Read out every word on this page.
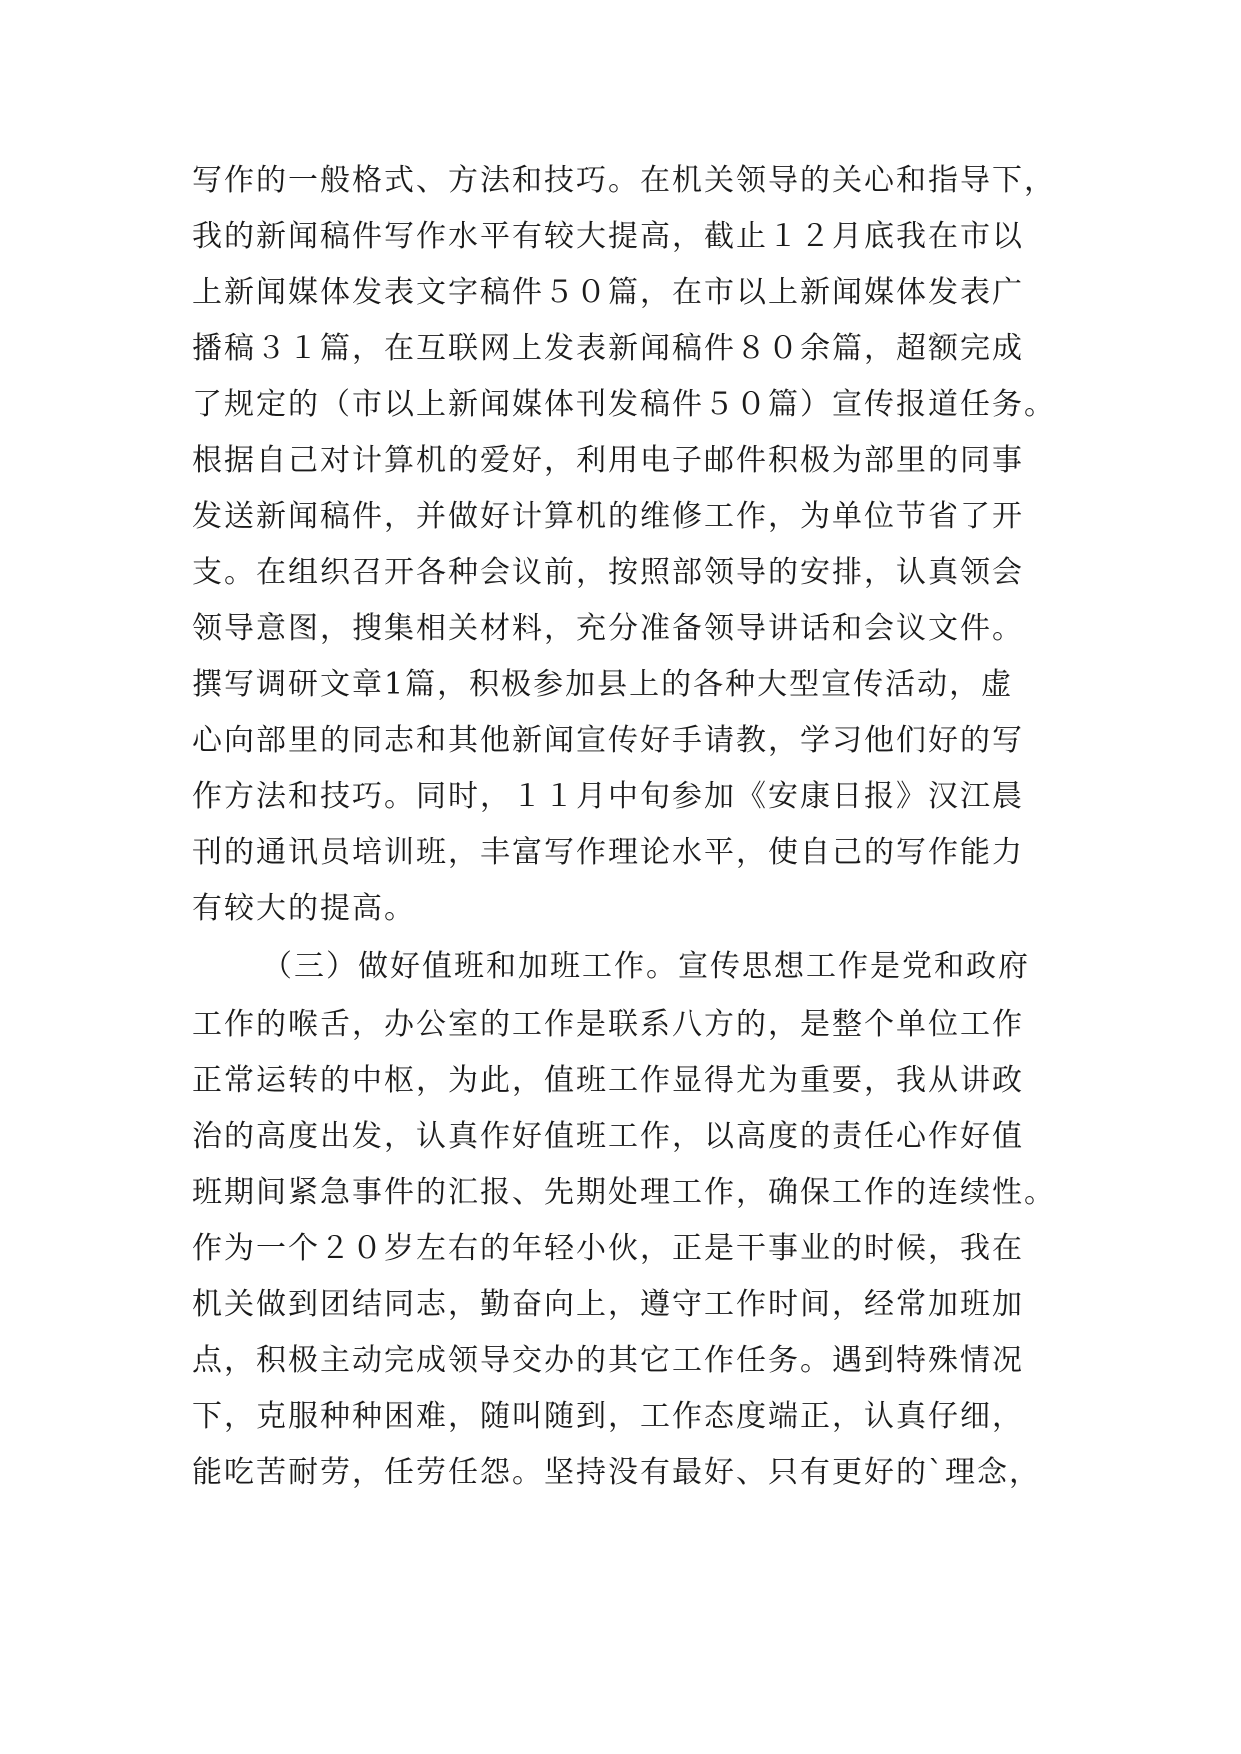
写作的一般格式、方法和技巧。在机关领导的关心和指导下，
我的新闻稿件写作水平有较大提高，截止１２月底我在市以
上新闻媒体发表文字稿件５０篇，在市以上新闻媒体发表广
播稿３１篇，在互联网上发表新闻稿件８０余篇，超额完成
了规定的（市以上新闻媒体刊发稿件５０篇）宣传报道任务。
根据自己对计算机的爱好，利用电子邮件积极为部里的同事
发送新闻稿件，并做好计算机的维修工作，为单位节省了开
支。在组织召开各种会议前，按照部领导的安排，认真领会
领导意图，搜集相关材料，充分准备领导讲话和会议文件。
撰写调研文章1篇，积极参加县上的各种大型宣传活动，虚
心向部里的同志和其他新闻宣传好手请教，学习他们好的写
作方法和技巧。同时，１１月中旬参加《安康日报》汉江晨
刊的通讯员培训班，丰富写作理论水平，使自己的写作能力
有较大的提高。
（三）做好值班和加班工作。宣传思想工作是党和政府
工作的喉舌，办公室的工作是联系八方的，是整个单位工作
正常运转的中枢，为此，值班工作显得尤为重要，我从讲政
治的高度出发，认真作好值班工作，以高度的责任心作好值
班期间紧急事件的汇报、先期处理工作，确保工作的连续性。
作为一个２０岁左右的年轻小伙，正是干事业的时候，我在
机关做到团结同志，勤奋向上，遵守工作时间，经常加班加
点，积极主动完成领导交办的其它工作任务。遇到特殊情况
下，克服种种困难，随叫随到，工作态度端正，认真仔细，
能吃苦耐劳，任劳任怨。坚持没有最好、只有更好的`理念，
